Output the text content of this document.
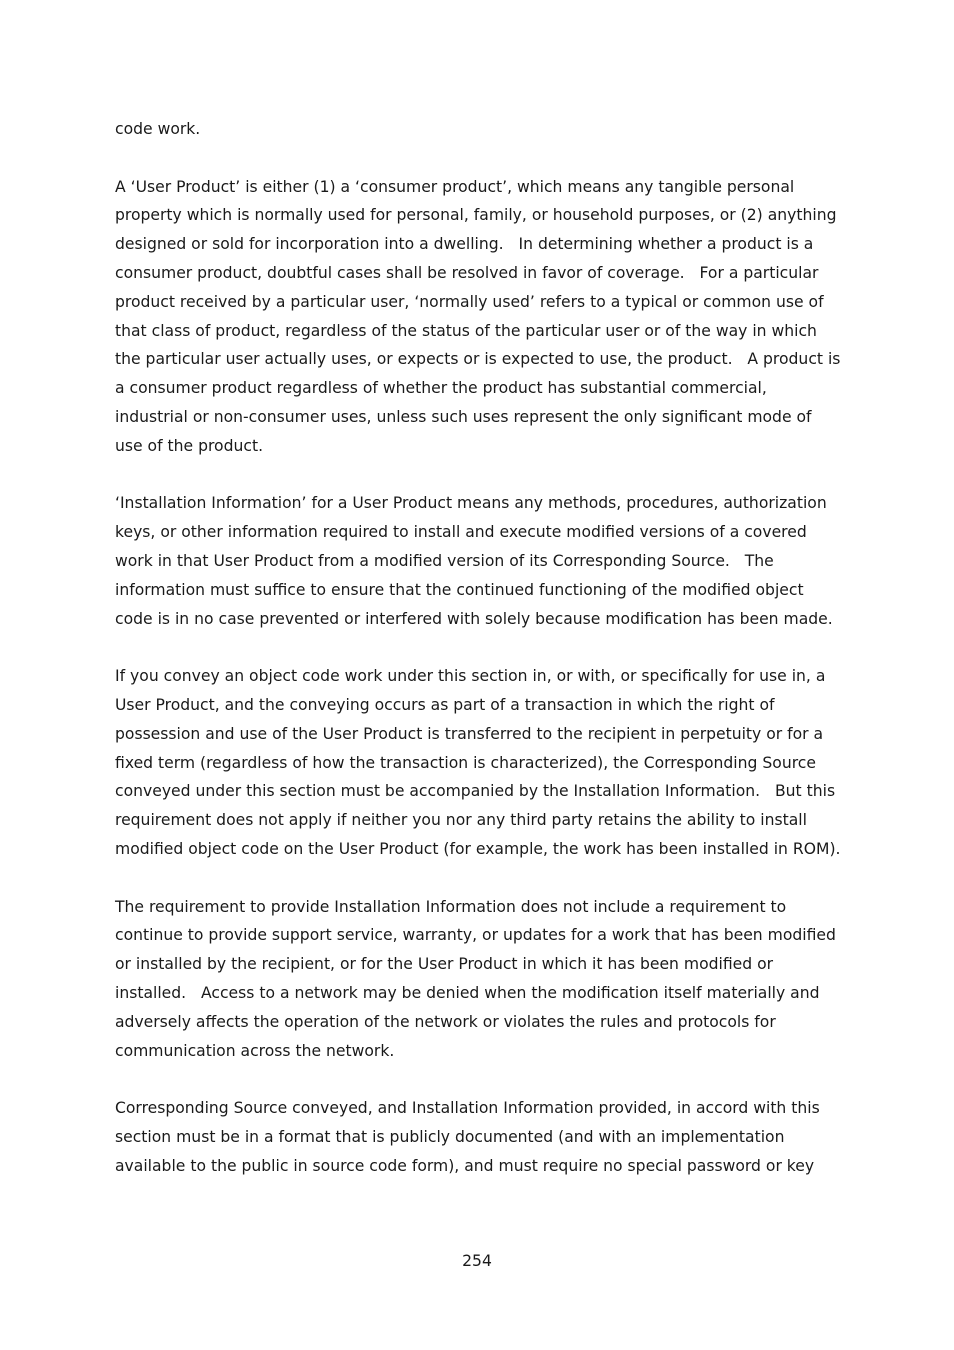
code work.

A ‘User Product’ is either (1) a ‘consumer product’, which means any tangible personal property which is normally used for personal, family, or household purposes, or (2) anything designed or sold for incorporation into a dwelling.   In determining whether a product is a consumer product, doubtful cases shall be resolved in favor of coverage.   For a particular product received by a particular user, ‘normally used’ refers to a typical or common use of that class of product, regardless of the status of the particular user or of the way in which the particular user actually uses, or expects or is expected to use, the product.   A product is a consumer product regardless of whether the product has substantial commercial, industrial or non-consumer uses, unless such uses represent the only significant mode of use of the product.

‘Installation Information’ for a User Product means any methods, procedures, authorization keys, or other information required to install and execute modified versions of a covered work in that User Product from a modified version of its Corresponding Source.   The information must suffice to ensure that the continued functioning of the modified object code is in no case prevented or interfered with solely because modification has been made.

If you convey an object code work under this section in, or with, or specifically for use in, a User Product, and the conveying occurs as part of a transaction in which the right of possession and use of the User Product is transferred to the recipient in perpetuity or for a fixed term (regardless of how the transaction is characterized), the Corresponding Source conveyed under this section must be accompanied by the Installation Information.   But this requirement does not apply if neither you nor any third party retains the ability to install modified object code on the User Product (for example, the work has been installed in ROM).

The requirement to provide Installation Information does not include a requirement to continue to provide support service, warranty, or updates for a work that has been modified or installed by the recipient, or for the User Product in which it has been modified or installed.   Access to a network may be denied when the modification itself materially and adversely affects the operation of the network or violates the rules and protocols for communication across the network.

Corresponding Source conveyed, and Installation Information provided, in accord with this section must be in a format that is publicly documented (and with an implementation available to the public in source code form), and must require no special password or key

254
